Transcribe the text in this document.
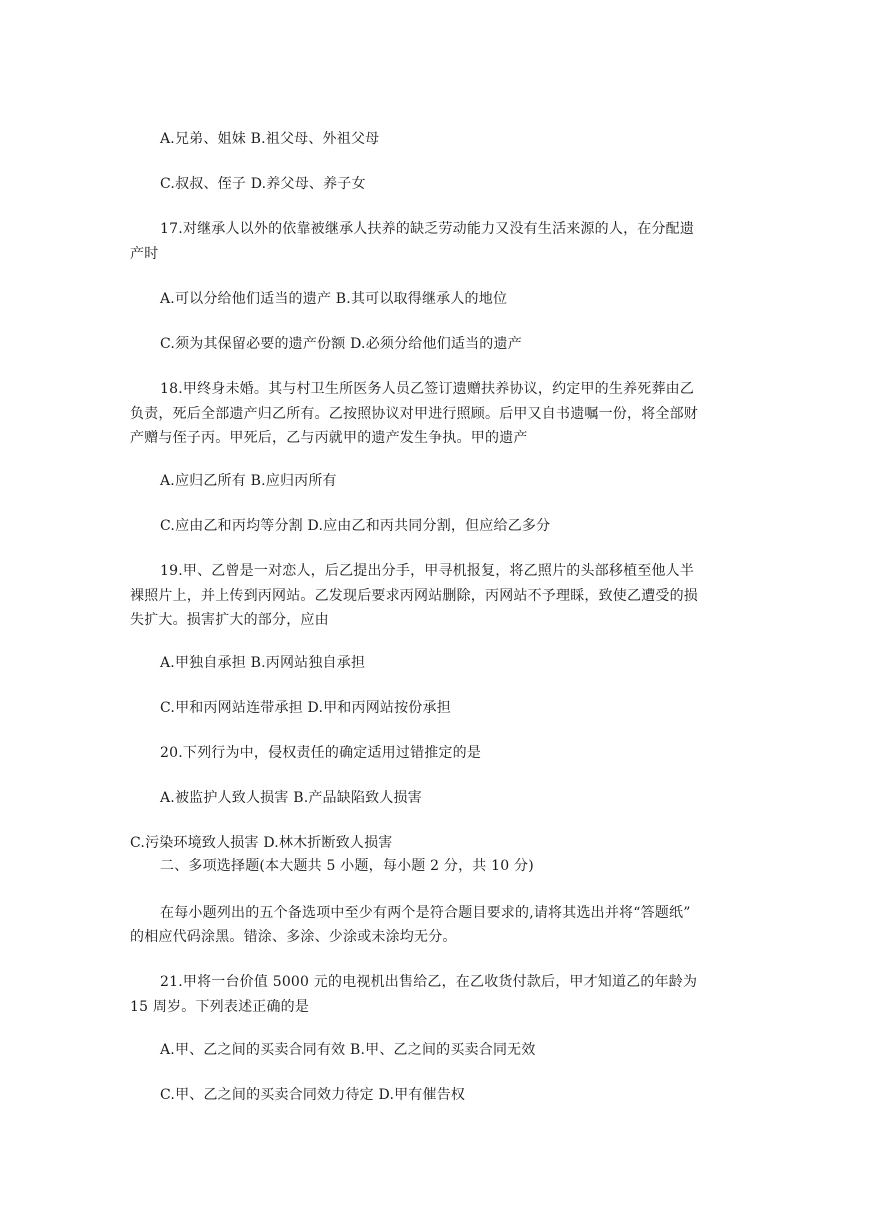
A.兄弟、姐妹 B.祖父母、外祖父母
C.叔叔、侄子 D.养父母、养子女
17.对继承人以外的依靠被继承人扶养的缺乏劳动能力又没有生活来源的人，在分配遗
产时
A.可以分给他们适当的遗产 B.其可以取得继承人的地位
C.须为其保留必要的遗产份额 D.必须分给他们适当的遗产
18.甲终身未婚。其与村卫生所医务人员乙签订遗赠扶养协议，约定甲的生养死葬由乙
负责，死后全部遗产归乙所有。乙按照协议对甲进行照顾。后甲又自书遗嘱一份，将全部财
产赠与侄子丙。甲死后，乙与丙就甲的遗产发生争执。甲的遗产
A.应归乙所有 B.应归丙所有
C.应由乙和丙均等分割 D.应由乙和丙共同分割，但应给乙多分
19.甲、乙曾是一对恋人，后乙提出分手，甲寻机报复，将乙照片的头部移植至他人半
裸照片上，并上传到丙网站。乙发现后要求丙网站删除，丙网站不予理睬，致使乙遭受的损
失扩大。损害扩大的部分，应由
A.甲独自承担 B.丙网站独自承担
C.甲和丙网站连带承担 D.甲和丙网站按份承担
20.下列行为中，侵权责任的确定适用过错推定的是
A.被监护人致人损害 B.产品缺陷致人损害
C.污染环境致人损害 D.林木折断致人损害
二、多项选择题(本大题共 5 小题，每小题 2 分，共 10 分)
在每小题列出的五个备选项中至少有两个是符合题目要求的,请将其选出并将“答题纸”
的相应代码涂黑。错涂、多涂、少涂或未涂均无分。
21.甲将一台价值 5000 元的电视机出售给乙，在乙收货付款后，甲才知道乙的年龄为
15 周岁。下列表述正确的是
A.甲、乙之间的买卖合同有效 B.甲、乙之间的买卖合同无效
C.甲、乙之间的买卖合同效力待定 D.甲有催告权
